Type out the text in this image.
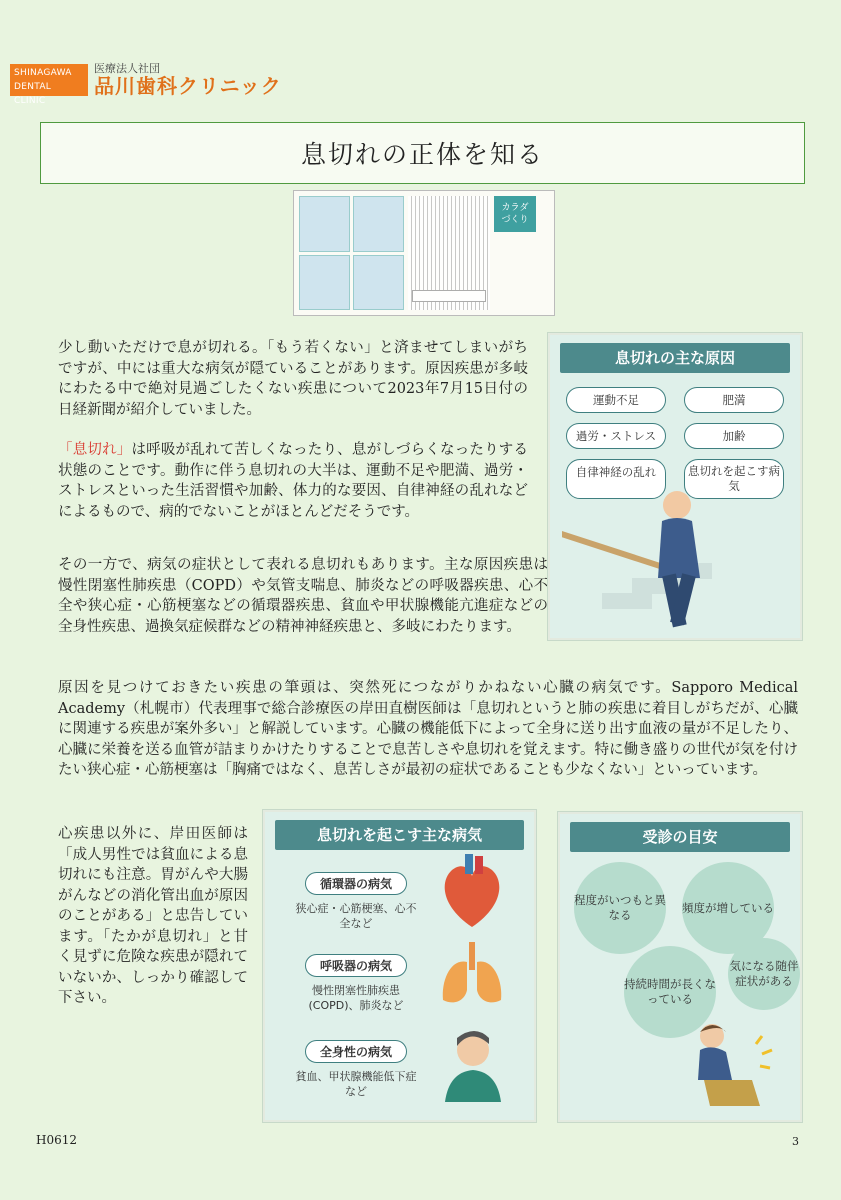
SHINAGAWA
DENTAL CLINIC
医療法人社団
品川歯科クリニック
息切れの正体を知る
カラダ
づくり
少し動いただけで息が切れる。「もう若くない」と済ませてしまいがちですが、中には重大な病気が隠ていることがあります。原因疾患が多岐にわたる中で絶対見過ごしたくない疾患について2023年7月15日付の日経新聞が紹介していました。
「息切れ」は呼吸が乱れて苦しくなったり、息がしづらくなったりする状態のことです。動作に伴う息切れの大半は、運動不足や肥満、過労・ストレスといった生活習慣や加齢、体力的な要因、自律神経の乱れなどによるもので、病的でないことがほとんどだそうです。
その一方で、病気の症状として表れる息切れもあります。主な原因疾患は慢性閉塞性肺疾患（COPD）や気管支喘息、肺炎などの呼吸器疾患、心不全や狭心症・心筋梗塞などの循環器疾患、貧血や甲状腺機能亢進症などの全身性疾患、過換気症候群などの精神神経疾患と、多岐にわたります。
原因を見つけておきたい疾患の筆頭は、突然死につながりかねない心臓の病気です。Sapporo Medical Academy（札幌市）代表理事で総合診療医の岸田直樹医師は「息切れというと肺の疾患に着目しがちだが、心臓に関連する疾患が案外多い」と解説しています。心臓の機能低下によって全身に送り出す血液の量が不足したり、心臓に栄養を送る血管が詰まりかけたりすることで息苦しさや息切れを覚えます。特に働き盛りの世代が気を付けたい狭心症・心筋梗塞は「胸痛ではなく、息苦しさが最初の症状であることも少なくない」といっています。
心疾患以外に、岸田医師は「成人男性では貧血による息切れにも注意。胃がんや大腸がんなどの消化管出血が原因のことがある」と忠告しています。「たかが息切れ」と甘く見ずに危険な疾患が隠れていないか、しっかり確認して下さい。
息切れの主な原因
運動不足	肥満
過労・ストレス	加齢
自律神経の乱れ	息切れを起こす病気
息切れを起こす主な病気
循環器の病気
狭心症・心筋梗塞、心不全など
呼吸器の病気
慢性閉塞性肺疾患(COPD)、肺炎など
全身性の病気
貧血、甲状腺機能低下症など
受診の目安
程度がいつもと異なる
頻度が増している
持続時間が長くなっている
気になる随伴症状がある
H0612	3
